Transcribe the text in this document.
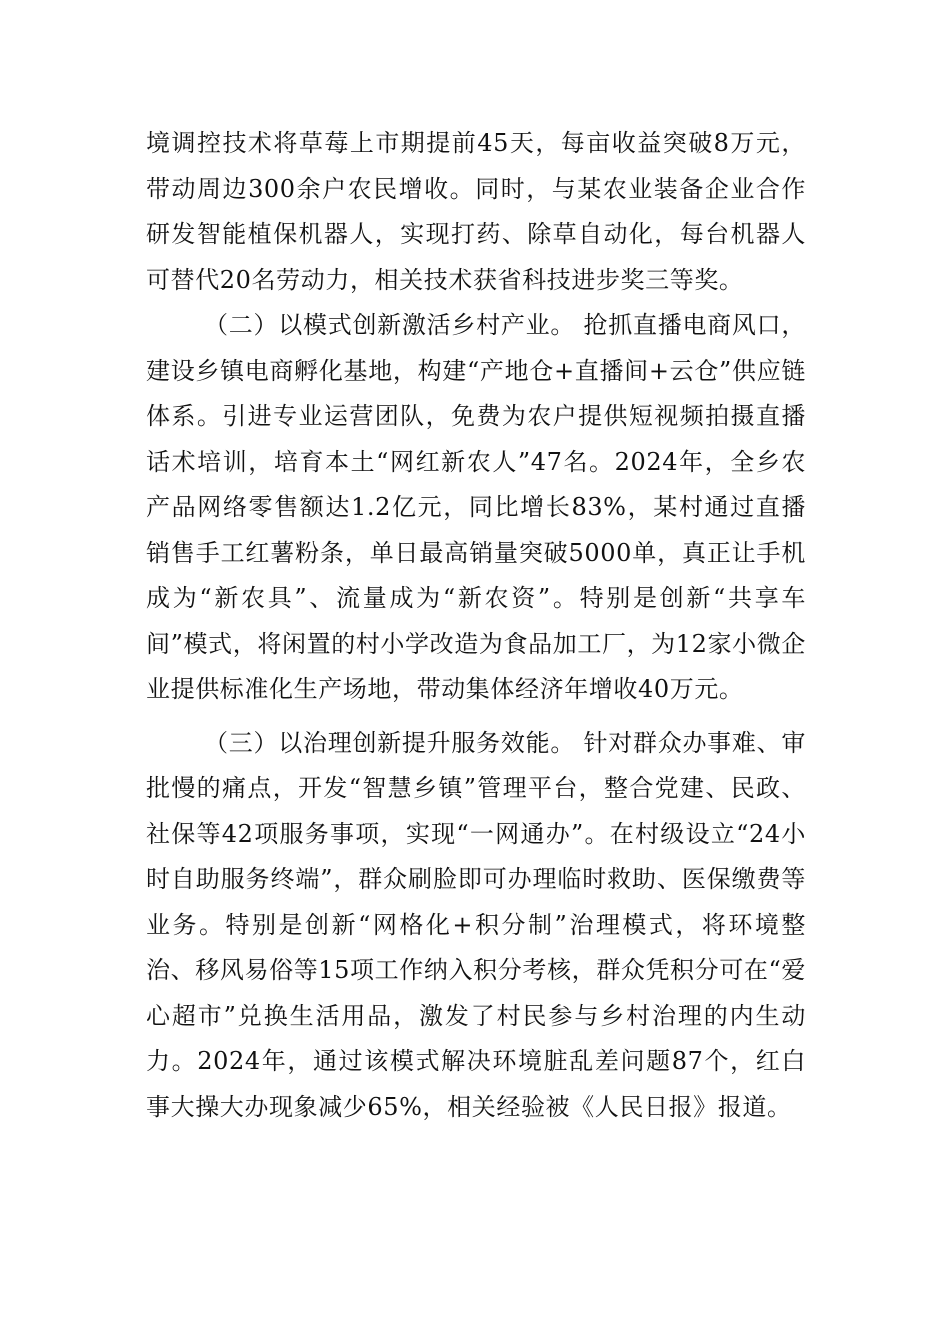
境调控技术将草莓上市期提前45天，每亩收益突破8万元，带动周边300余户农民增收。同时，与某农业装备企业合作研发智能植保机器人，实现打药、除草自动化，每台机器人可替代20名劳动力，相关技术获省科技进步奖三等奖。

（二）以模式创新激活乡村产业。 抢抓直播电商风口，建设乡镇电商孵化基地，构建“产地仓+直播间+云仓”供应链体系。引进专业运营团队，免费为农户提供短视频拍摄直播话术培训，培育本土“网红新农人”47名。2024年，全乡农产品网络零售额达1.2亿元，同比增长83%，某村通过直播销售手工红薯粉条，单日最高销量突破5000单，真正让手机成为“新农具”、流量成为“新农资”。特别是创新“共享车间”模式，将闲置的村小学改造为食品加工厂，为12家小微企业提供标准化生产场地，带动集体经济年增收40万元。

（三）以治理创新提升服务效能。 针对群众办事难、审批慢的痛点，开发“智慧乡镇”管理平台，整合党建、民政、社保等42项服务事项，实现“一网通办”。在村级设立“24小时自助服务终端”，群众刷脸即可办理临时救助、医保缴费等业务。特别是创新“网格化+积分制”治理模式，将环境整治、移风易俗等15项工作纳入积分考核，群众凭积分可在“爱心超市”兑换生活用品，激发了村民参与乡村治理的内生动力。2024年，通过该模式解决环境脏乱差问题87个，红白事大操大办现象减少65%，相关经验被《人民日报》报道。
